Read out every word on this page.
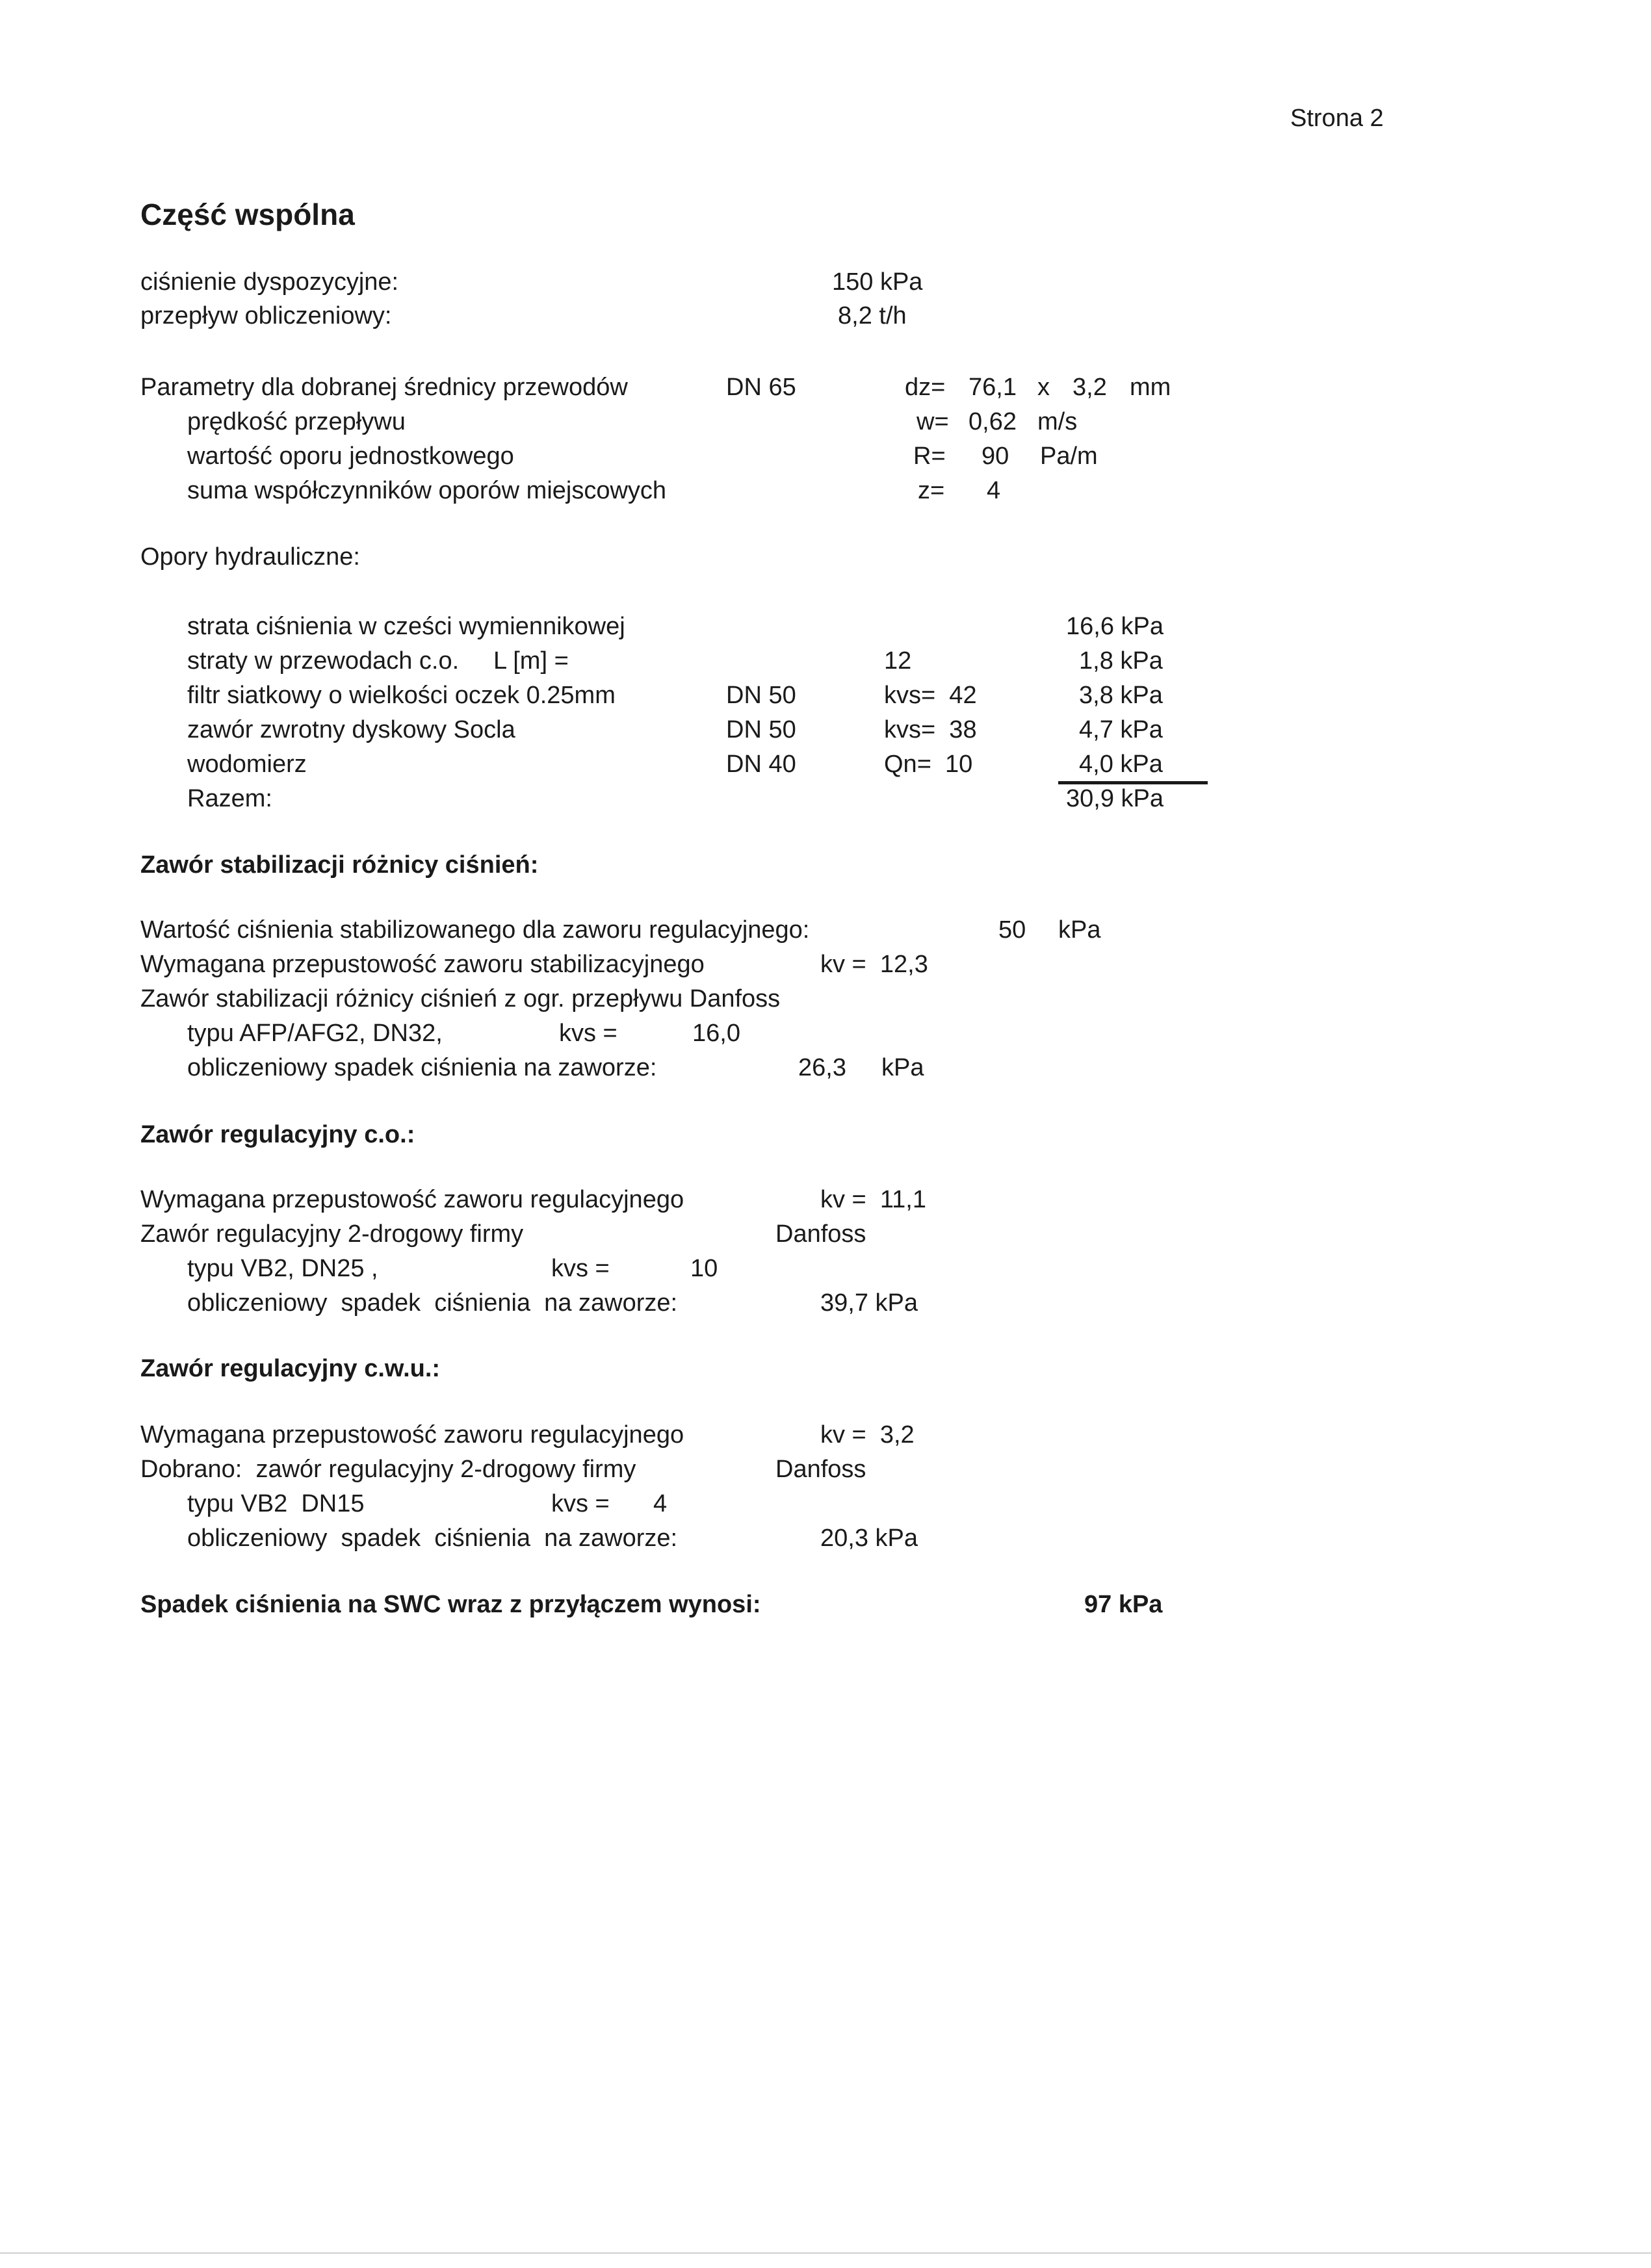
Strona 2
Część wspólna
ciśnienie dyspozycyjne:	150 kPa
przepływ obliczeniowy:	8,2 t/h
Parametry dla dobranej średnicy przewodów	DN 65	dz= 76,1 x 3,2 mm
prędkość przepływu	w= 0,62 m/s
wartość oporu jednostkowego	R= 90 Pa/m
suma współczynników oporów miejscowych	z= 4
Opory hydrauliczne:
strata ciśnienia w cześci wymiennikowej	16,6 kPa
straty w przewodach c.o.     L [m] =	12	1,8 kPa
filtr siatkowy o wielkości oczek 0.25mm	DN 50	kvs=  42	3,8 kPa
zawór zwrotny dyskowy Socla	DN 50	kvs=  38	4,7 kPa
wodomierz	DN 40	Qn=  10	4,0 kPa
Razem:	30,9 kPa
Zawór stabilizacji różnicy ciśnień:
Wartość ciśnienia stabilizowanego dla zaworu regulacyjnego:	50 kPa
Wymagana przepustowość zaworu stabilizacyjnego	kv =  12,3
Zawór stabilizacji różnicy ciśnień z ogr. przepływu Danfoss
typu AFP/AFG2, DN32,	kvs =	16,0
obliczeniowy spadek ciśnienia na zaworze:	26,3 kPa
Zawór regulacyjny c.o.:
Wymagana przepustowość zaworu regulacyjnego	kv =  11,1
Zawór regulacyjny 2-drogowy firmy	Danfoss
typu VB2, DN25 ,	kvs =	10
obliczeniowy  spadek  ciśnienia  na zaworze:	39,7 kPa
Zawór regulacyjny c.w.u.:
Wymagana przepustowość zaworu regulacyjnego	kv =  3,2
Dobrano:  zawór regulacyjny 2-drogowy firmy	Danfoss
typu VB2  DN15	kvs = 4
obliczeniowy  spadek  ciśnienia  na zaworze:	20,3 kPa
Spadek ciśnienia na SWC wraz z przyłączem wynosi:	97 kPa
